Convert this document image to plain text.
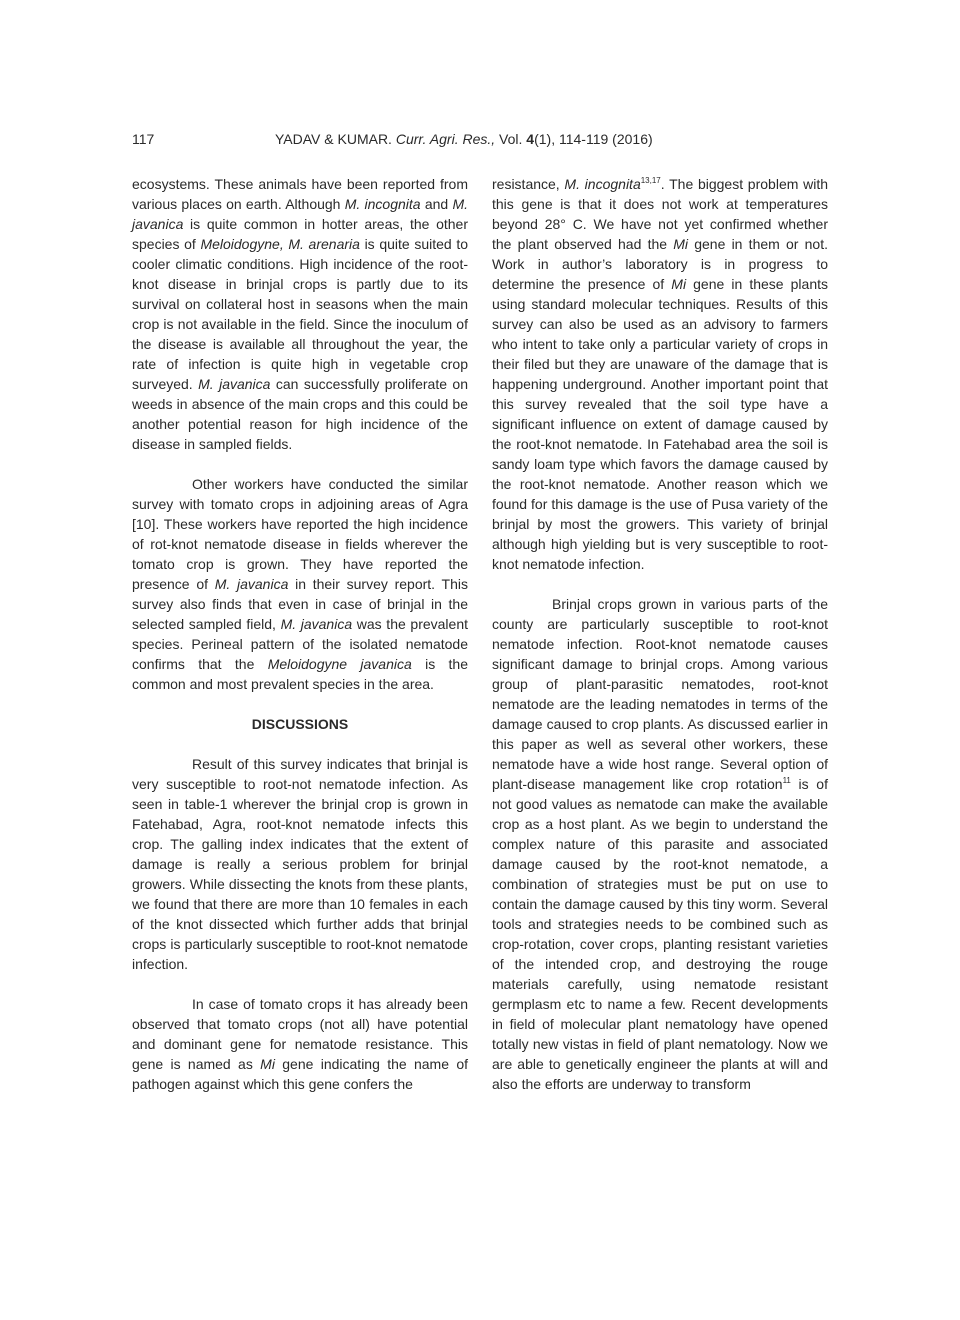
117	YADAV & KUMAR. Curr. Agri. Res., Vol. 4(1), 114-119 (2016)

ecosystems. These animals have been reported from various places on earth. Although M. incognita and M. javanica is quite common in hotter areas, the other species of Meloidogyne, M. arenaria is quite suited to cooler climatic conditions. High incidence of the root-knot disease in brinjal crops is partly due to its survival on collateral host in seasons when the main crop is not available in the field. Since the inoculum of the disease is available all throughout the year, the rate of infection is quite high in vegetable crop surveyed. M. javanica can successfully proliferate on weeds in absence of the main crops and this could be another potential reason for high incidence of the disease in sampled fields.

Other workers have conducted the similar survey with tomato crops in adjoining areas of Agra [10]. These workers have reported the high incidence of rot-knot nematode disease in fields wherever the tomato crop is grown. They have reported the presence of M. javanica in their survey report. This survey also finds that even in case of brinjal in the selected sampled field, M. javanica was the prevalent species. Perineal pattern of the isolated nematode confirms that the Meloidogyne javanica is the common and most prevalent species in the area.

DISCUSSIONS

Result of this survey indicates that brinjal is very susceptible to root-not nematode infection. As seen in table-1 wherever the brinjal crop is grown in Fatehabad, Agra, root-knot nematode infects this crop. The galling index indicates that the extent of damage is really a serious problem for brinjal growers. While dissecting the knots from these plants, we found that there are more than 10 females in each of the knot dissected which further adds that brinjal crops is particularly susceptible to root-knot nematode infection.

In case of tomato crops it has already been observed that tomato crops (not all) have potential and dominant gene for nematode resistance. This gene is named as Mi gene indicating the name of pathogen against which this gene confers the

resistance, M. incognita$^{13,17}$. The biggest problem with this gene is that it does not work at temperatures beyond 28° C. We have not yet confirmed whether the plant observed had the Mi gene in them or not. Work in author’s laboratory is in progress to determine the presence of Mi gene in these plants using standard molecular techniques. Results of this survey can also be used as an advisory to farmers who intent to take only a particular variety of crops in their filed but they are unaware of the damage that is happening underground. Another important point that this survey revealed that the soil type have a significant influence on extent of damage caused by the root-knot nematode. In Fatehabad area the soil is sandy loam type which favors the damage caused by the root-knot nematode. Another reason which we found for this damage is the use of Pusa variety of the brinjal by most the growers. This variety of brinjal although high yielding but is very susceptible to root-knot nematode infection.

Brinjal crops grown in various parts of the county are particularly susceptible to root-knot nematode infection. Root-knot nematode causes significant damage to brinjal crops. Among various group of plant-parasitic nematodes, root-knot nematode are the leading nematodes in terms of the damage caused to crop plants. As discussed earlier in this paper as well as several other workers, these nematode have a wide host range. Several option of plant-disease management like crop rotation$^{11}$ is of not good values as nematode can make the available crop as a host plant. As we begin to understand the complex nature of this parasite and associated damage caused by the root-knot nematode, a combination of strategies must be put on use to contain the damage caused by this tiny worm. Several tools and strategies needs to be combined such as crop-rotation, cover crops, planting resistant varieties of the intended crop, and destroying the rouge materials carefully, using nematode resistant germplasm etc to name a few. Recent developments in field of molecular plant nematology have opened totally new vistas in field of plant nematology. Now we are able to genetically engineer the plants at will and also the efforts are underway to transform
